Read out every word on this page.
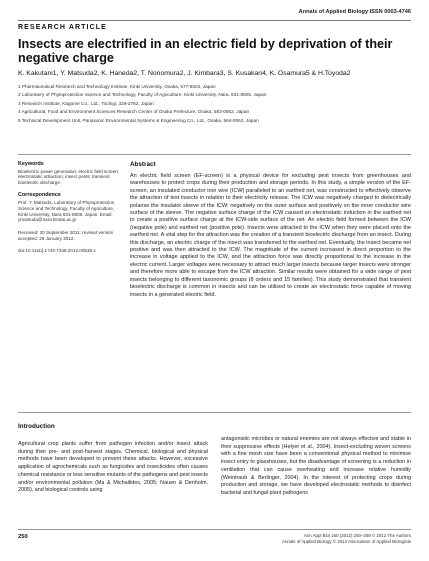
Annals of Applied Biology ISSN 0003-4746
RESEARCH ARTICLE
Insects are electrified in an electric field by deprivation of their negative charge
K. Kakutani1, Y. Matsuda2, K. Haneda2, T. Nonomura2, J. Kimbara3, S. Kusakari4, K. Osamura5 & H.Toyoda2
1 Pharmaceutical Research and Technology Institute, Kinki University, Osaka, 577-8502, Japan
2 Laboratory of Phytoprotection Science and Technology, Faculty of Agriculture, Kinki University, Nara, 631-8505, Japan
3 Research Institute, Kagome Co., Ltd., Tochigi, 329-2762, Japan
4 Agricultural, Food and Environment Sciences Research Center of Osaka Prefecture, Osaka, 583-0862, Japan
5 Technical Development Unit, Panasonic Environmental Systems & Engineering Co., Ltd., Osaka, 564-0062, Japan
Keywords
Bioelectric power generation; electric field screen; electrostatic attraction; insect pests; transient bioelectric discharge.
Correspondence
Prof. Y. Matsuda, Laboratory of Phytoprotection Science and Technology, Faculty of Agriculture, Kinki University, Nara 631-8505, Japan. Email: ymatsuda@nara.kindai.ac.jp
Received: 20 September 2011; revised version accepted: 29 January 2012.
doi:10.1111/j.1744-7348.2012.00538.x
Abstract
An electric field screen (EF-screen) is a physical device for excluding pest insects from greenhouses and warehouses to protect crops during their production and storage periods. In this study, a simple version of the EF-screen, an insulated conductor iron wire (ICW) paralleled to an earthed net, was constructed to effectively observe the attraction of test insects in relation to their electricity release. The ICW was negatively charged to dielectrically polarise the insulator sleeve of the ICW: negatively on the outer surface and positively on the inner conductor wire surface of the sleeve. The negative surface charge of the ICW caused an electrostatic induction in the earthed net to create a positive surface charge at the ICW-side surface of the net. An electric field formed between the ICW (negative pole) and earthed net (positive pole). Insects were attracted to the ICW when they were placed onto the earthed net. A vital step for the attraction was the creation of a transient bioelectric discharge from an insect. During this discharge, an electric charge of the insect was transferred to the earthed net. Eventually, the insect became net positive and was then attracted to the ICW. The magnitude of the current increased in direct proportion to the increase in voltage applied to the ICW, and the attraction force was directly proportional to the increase in the electric current. Larger voltages were necessary to attract much larger insects because larger insects were stronger and therefore more able to escape from the ICW attraction. Similar results were obtained for a wide range of pest insects belonging to different taxonomic groups (8 orders and 15 families). This study demonstrated that transient bioelectric discharge is common in insects and can be utilised to create an electrostatic force capable of moving insects in a generated electric field.
Introduction
Agricultural crop plants suffer from pathogen infection and/or insect attack during their pre- and post-harvest stages. Chemical, biological and physical methods have been developed to prevent these attacks. However, excessive application of agrochemicals such as fungicides and insecticides often causes chemical resistance or less sensitive mutants of the pathogens and pest insects and/or environmental pollution (Ma & Michailides, 2005; Nauen & Denholm, 2005), and biological controls using
antagonistic microbes or natural enemies are not always effective and stable in their suppressive effects (Helyer et al., 2004). Insect-excluding woven screens with a fine mesh size have been a conventional physical method to minimise insect entry to glasshouses, but the disadvantage of screening is a reduction in ventilation that can cause overheating and increase relative humidity (Weintraub & Berlinger, 2004). In the interest of protecting crops during production and storage, we have developed electrostatic methods to disinfect bacterial and fungal plant pathogens
250	Ann Appl Biol 160 (2012) 250–259 © 2012 The Authors
Annals of Applied Biology © 2012 Association of Applied Biologists
